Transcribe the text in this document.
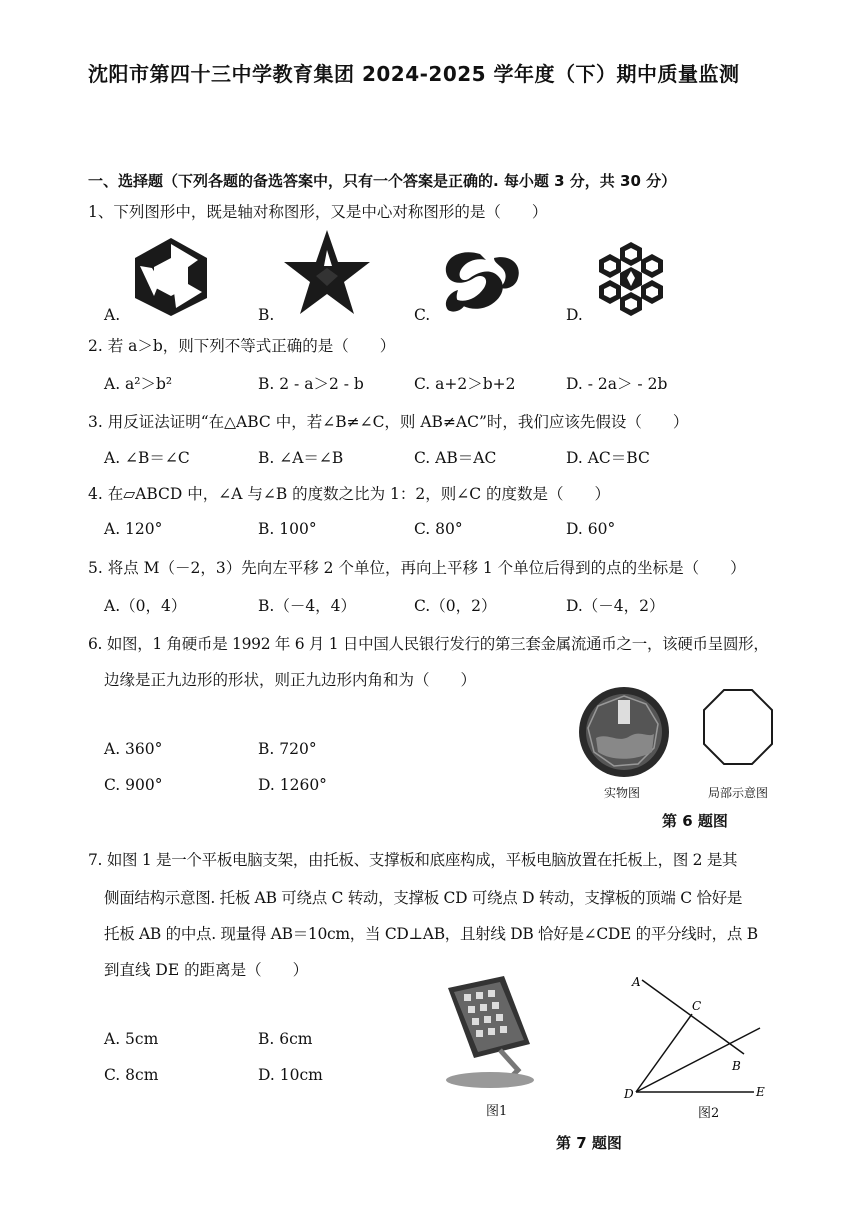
沈阳市第四十三中学教育集团 2024-2025 学年度（下）期中质量监测
一、选择题（下列各题的备选答案中，只有一个答案是正确的. 每小题 3 分，共 30 分）
1、下列图形中，既是轴对称图形，又是中心对称图形的是（　　）
A.	B.	C.	D.
2. 若 a＞b，则下列不等式正确的是（　　）
A. a²＞b²	B. 2 - a＞2 - b	C. a+2＞b+2	D. - 2a＞ - 2b
3. 用反证法证明“在△ABC 中，若∠B≠∠C，则 AB≠AC”时，我们应该先假设（　　）
A. ∠B＝∠C	B. ∠A＝∠B	C. AB＝AC	D. AC＝BC
4. 在▱ABCD 中，∠A 与∠B 的度数之比为 1：2，则∠C 的度数是（　　）
A. 120°	B. 100°	C. 80°	D. 60°
5. 将点 M（－2，3）先向左平移 2 个单位，再向上平移 1 个单位后得到的点的坐标是（　　）
A.（0，4）	B.（－4，4）	C.（0，2）	D.（－4，2）
6. 如图，1 角硬币是 1992 年 6 月 1 日中国人民银行发行的第三套金属流通币之一，该硬币呈圆形，
边缘是正九边形的形状，则正九边形内角和为（　　）
A. 360°	B. 720°
C. 900°	D. 1260°	实物图	局部示意图
第 6 题图
7. 如图 1 是一个平板电脑支架，由托板、支撑板和底座构成，平板电脑放置在托板上，图 2 是其
侧面结构示意图. 托板 AB 可绕点 C 转动，支撑板 CD 可绕点 D 转动，支撑板的顶端 C 恰好是
托板 AB 的中点. 现量得 AB＝10cm，当 CD⊥AB，且射线 DB 恰好是∠CDE 的平分线时，点 B
到直线 DE 的距离是（　　）
A. 5cm	B. 6cm
C. 8cm	D. 10cm
图1
A
C
B
D	E
图2
第 7 题图
